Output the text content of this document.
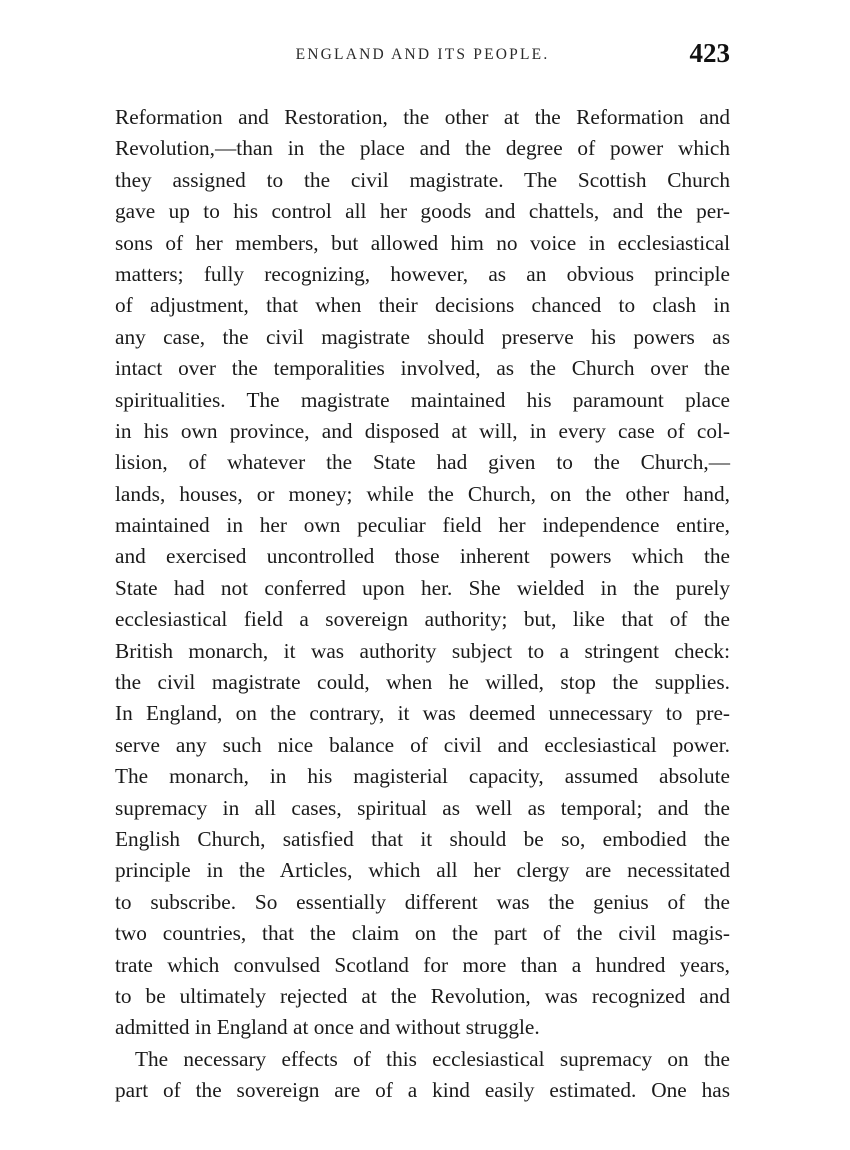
ENGLAND AND ITS PEOPLE.	423
Reformation and Restoration, the other at the Reformation and
Revolution,—than in the place and the degree of power which
they assigned to the civil magistrate. The Scottish Church
gave up to his control all her goods and chattels, and the per-
sons of her members, but allowed him no voice in ecclesiastical
matters; fully recognizing, however, as an obvious principle
of adjustment, that when their decisions chanced to clash in
any case, the civil magistrate should preserve his powers as
intact over the temporalities involved, as the Church over the
spiritualities. The magistrate maintained his paramount place
in his own province, and disposed at will, in every case of col-
lision, of whatever the State had given to the Church,—
lands, houses, or money; while the Church, on the other hand,
maintained in her own peculiar field her independence entire,
and exercised uncontrolled those inherent powers which the
State had not conferred upon her. She wielded in the purely
ecclesiastical field a sovereign authority; but, like that of the
British monarch, it was authority subject to a stringent check:
the civil magistrate could, when he willed, stop the supplies.
In England, on the contrary, it was deemed unnecessary to pre-
serve any such nice balance of civil and ecclesiastical power.
The monarch, in his magisterial capacity, assumed absolute
supremacy in all cases, spiritual as well as temporal; and the
English Church, satisfied that it should be so, embodied the
principle in the Articles, which all her clergy are necessitated
to subscribe. So essentially different was the genius of the
two countries, that the claim on the part of the civil magis-
trate which convulsed Scotland for more than a hundred years,
to be ultimately rejected at the Revolution, was recognized and
admitted in England at once and without struggle.
The necessary effects of this ecclesiastical supremacy on the
part of the sovereign are of a kind easily estimated. One has
